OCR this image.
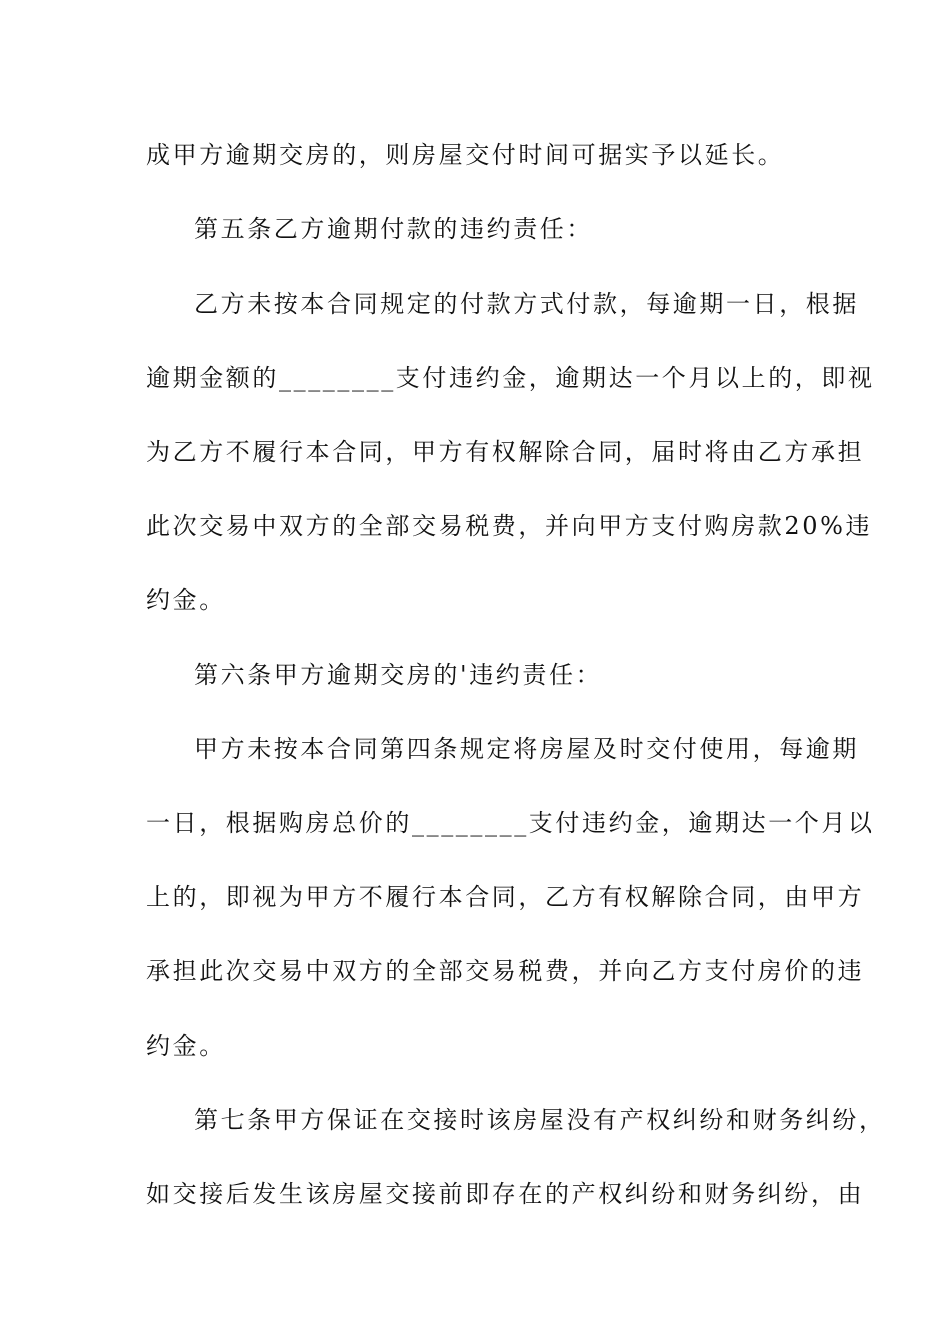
成甲方逾期交房的，则房屋交付时间可据实予以延长。
第五条乙方逾期付款的违约责任：
乙方未按本合同规定的付款方式付款，每逾期一日，根据
逾期金额的________支付违约金，逾期达一个月以上的，即视
为乙方不履行本合同，甲方有权解除合同，届时将由乙方承担
此次交易中双方的全部交易税费，并向甲方支付购房款20%违
约金。
第六条甲方逾期交房的'违约责任：
甲方未按本合同第四条规定将房屋及时交付使用，每逾期
一日，根据购房总价的________支付违约金，逾期达一个月以
上的，即视为甲方不履行本合同，乙方有权解除合同，由甲方
承担此次交易中双方的全部交易税费，并向乙方支付房价的违
约金。
第七条甲方保证在交接时该房屋没有产权纠纷和财务纠纷，
如交接后发生该房屋交接前即存在的产权纠纷和财务纠纷，由
